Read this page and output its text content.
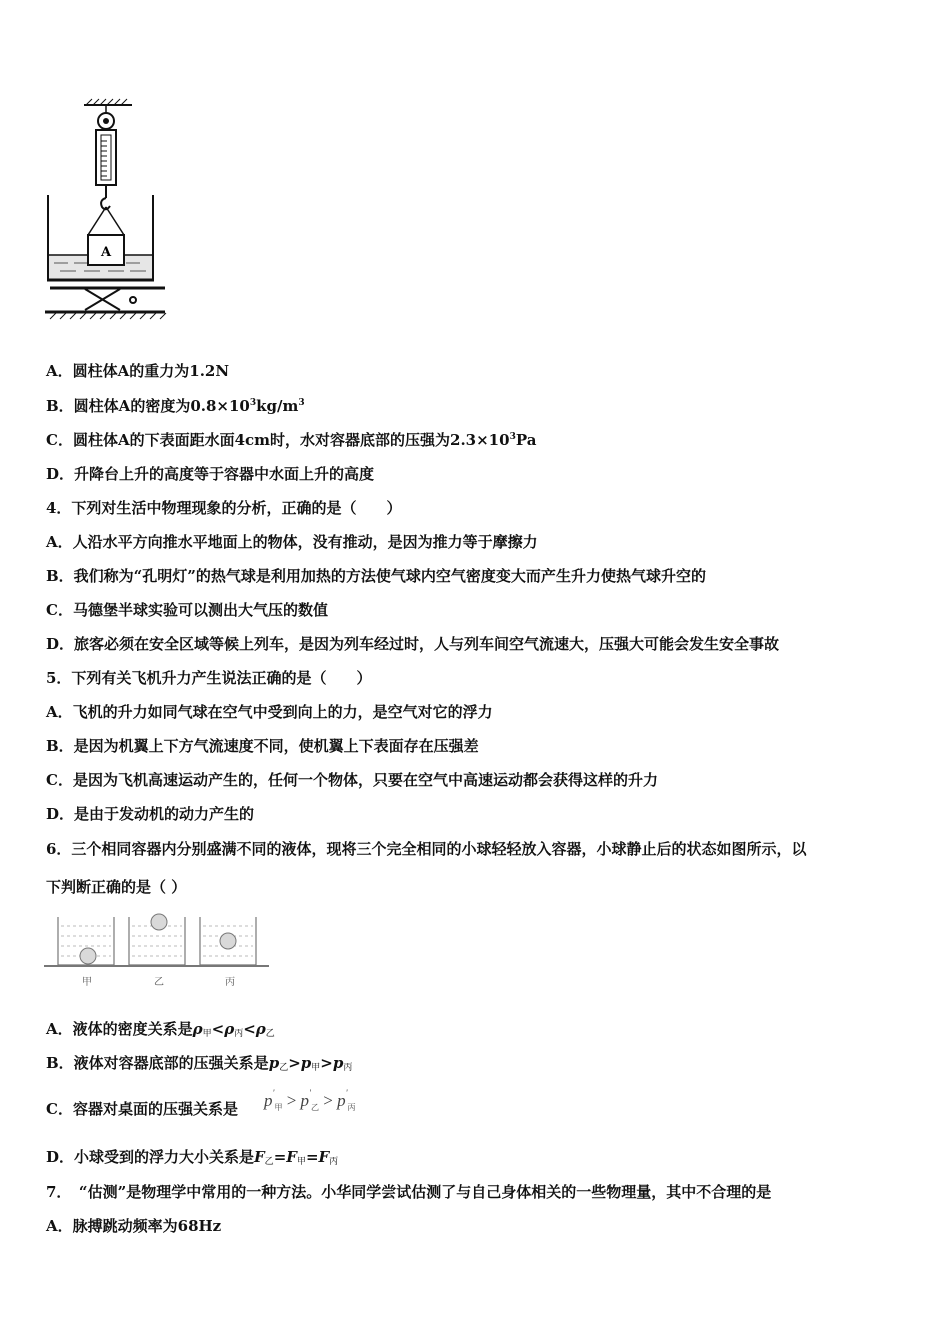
A
A．圆柱体A的重力为1.2N
B．圆柱体A的密度为$0.8\times 10^3kg/m^3$
C．圆柱体A的下表面距水面4cm时，水对容器底部的压强为$2.3\times 10^3Pa$
D．升降台上升的高度等于容器中水面上升的高度
4．下列对生活中物理现象的分析，正确的是（　　）
A．人沿水平方向推水平地面上的物体，没有推动，是因为推力等于摩擦力
B．我们称为“孔明灯”的热气球是利用加热的方法使气球内空气密度变大而产生升力使热气球升空的
C．马德堡半球实验可以测出大气压的数值
D．旅客必须在安全区域等候上列车，是因为列车经过时，人与列车间空气流速大，压强大可能会发生安全事故
5．下列有关飞机升力产生说法正确的是（　　）
A．飞机的升力如同气球在空气中受到向上的力，是空气对它的浮力
B．是因为机翼上下方气流速度不同，使机翼上下表面存在压强差
C．是因为飞机高速运动产生的，任何一个物体，只要在空气中高速运动都会获得这样的升力
D．是由于发动机的动力产生的
6．三个相同容器内分别盛满不同的液体，现将三个完全相同的小球轻轻放入容器，小球静止后的状态如图所示，以
下判断正确的是（ ）
甲	乙	丙
A．液体的密度关系是$\rho_甲<\rho_丙<\rho_乙$
B．液体对容器底部的压强关系是$p_乙>p_甲>p_丙$
C．容器对桌面的压强关系是 $p'_甲 > p'_乙 > p'_丙$
D．小球受到的浮力大小关系是$F_乙=F_甲=F_丙$
7．　“估测”是物理学中常用的一种方法。小华同学尝试估测了与自己身体相关的一些物理量，其中不合理的是
A．脉搏跳动频率为68Hz
